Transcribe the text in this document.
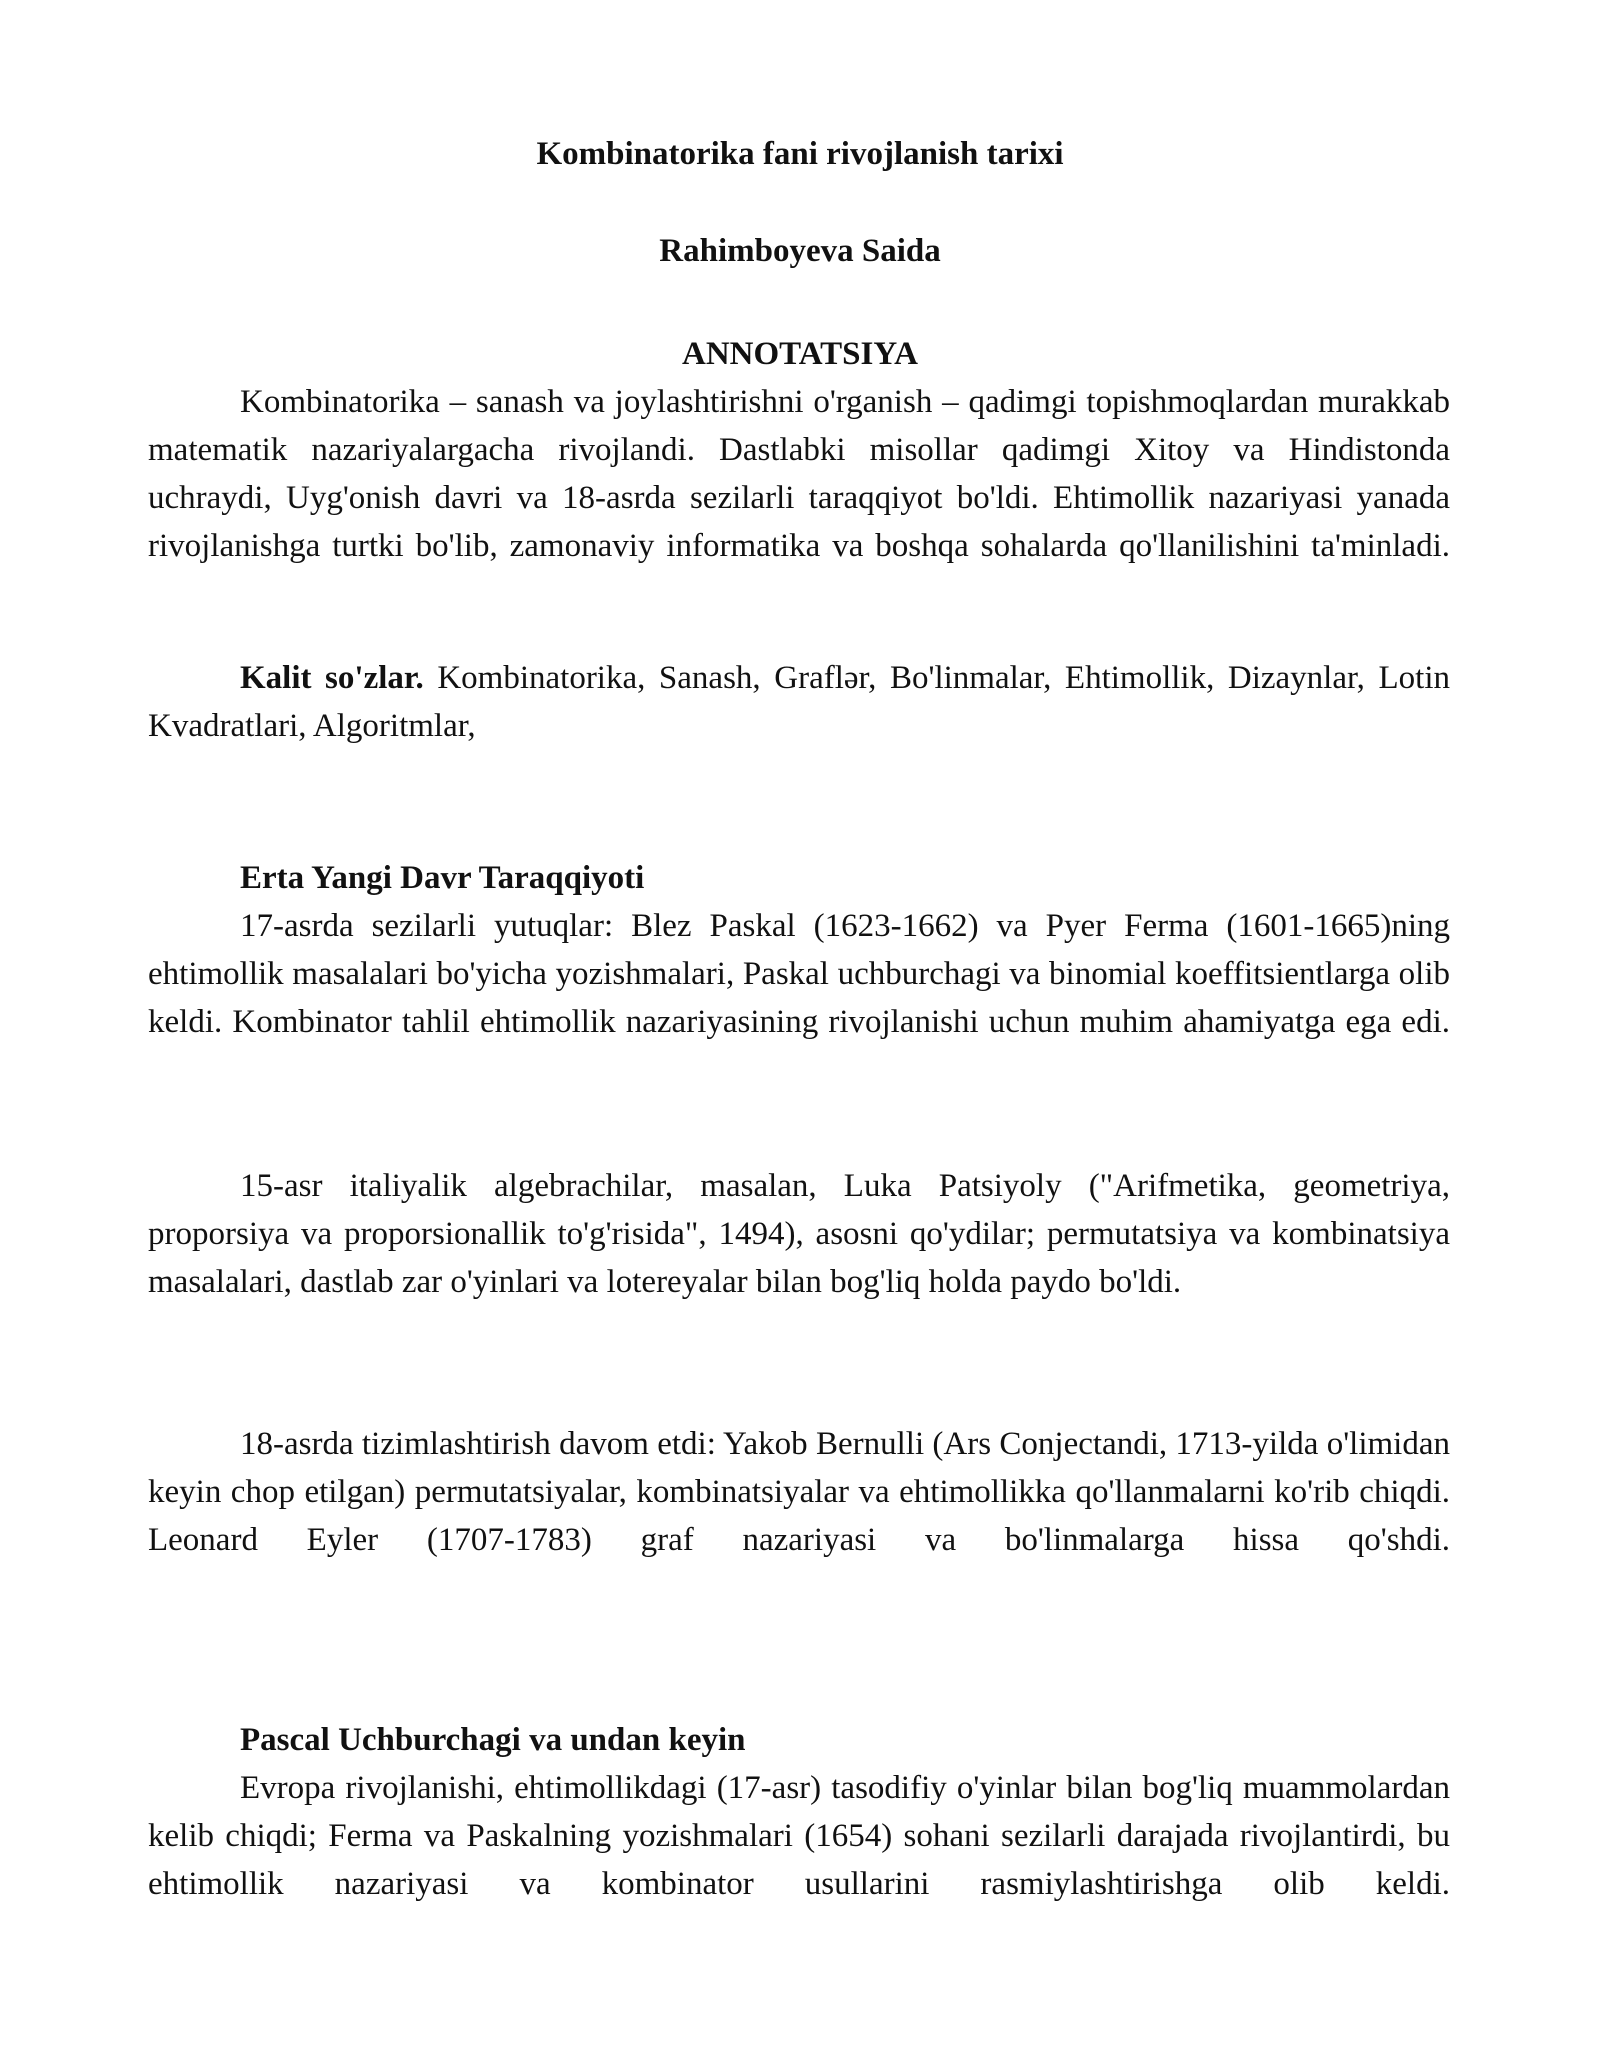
Kombinatorika fani rivojlanish tarixi

Rahimboyeva Saida

ANNOTATSIYA

Kombinatorika – sanash va joylashtirishni o'rganish – qadimgi topishmoqlardan murakkab matematik nazariyalargacha rivojlandi. Dastlabki misollar qadimgi Xitoy va Hindistonda uchraydi, Uyg'onish davri va 18-asrda sezilarli taraqqiyot bo'ldi. Ehtimollik nazariyasi yanada rivojlanishga turtki bo'lib, zamonaviy informatika va boshqa sohalarda qo'llanilishini ta'minladi.

Kalit so'zlar. Kombinatorika, Sanash, Graflər, Bo'linmalar, Ehtimollik, Dizaynlar, Lotin Kvadratlari, Algoritmlar,

Erta Yangi Davr Taraqqiyoti

17-asrda sezilarli yutuqlar: Blez Paskal (1623-1662) va Pyer Ferma (1601-1665)ning ehtimollik masalalari bo'yicha yozishmalari, Paskal uchburchagi va binomial koeffitsientlarga olib keldi. Kombinator tahlil ehtimollik nazariyasining rivojlanishi uchun muhim ahamiyatga ega edi.

15-asr italiyalik algebrachilar, masalan, Luka Patsiyoly ("Arifmetika, geometriya, proporsiya va proporsionallik to'g'risida", 1494), asosni qo'ydilar; permutatsiya va kombinatsiya masalalari, dastlab zar o'yinlari va lotereyalar bilan bog'liq holda paydo bo'ldi.

18-asrda tizimlashtirish davom etdi: Yakob Bernulli (Ars Conjectandi, 1713-yilda o'limidan keyin chop etilgan) permutatsiyalar, kombinatsiyalar va ehtimollikka qo'llanmalarni ko'rib chiqdi. Leonard Eyler (1707-1783) graf nazariyasi va bo'linmalarga hissa qo'shdi.

Pascal Uchburchagi va undan keyin

Evropa rivojlanishi, ehtimollikdagi (17-asr) tasodifiy o'yinlar bilan bog'liq muammolardan kelib chiqdi; Ferma va Paskalning yozishmalari (1654) sohani sezilarli darajada rivojlantirdi, bu ehtimollik nazariyasi va kombinator usullarini rasmiylashtirishga olib keldi.
